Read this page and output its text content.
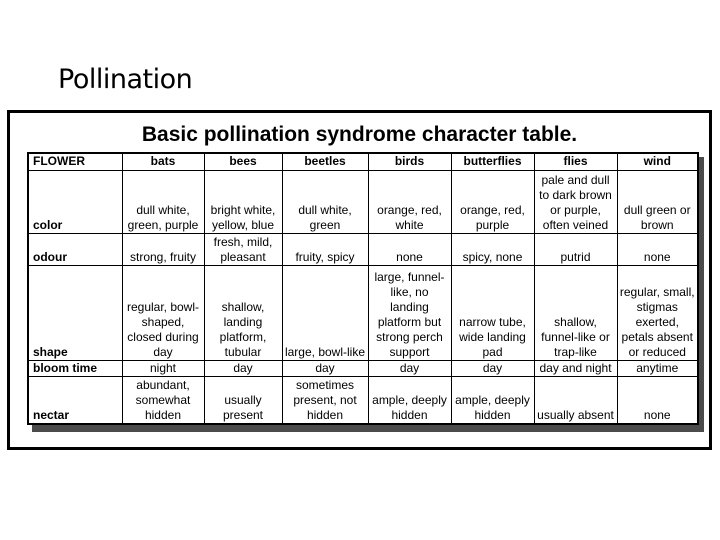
Pollination
Basic pollination syndrome character table.
FLOWER	bats	bees	beetles	birds	butterflies	flies	wind
color	dull white, green, purple	bright white, yellow, blue	dull white, green	orange, red, white	orange, red, purple	pale and dull to dark brown or purple, often veined	dull green or brown
odour	strong, fruity	fresh, mild, pleasant	fruity, spicy	none	spicy, none	putrid	none
shape	regular, bowl-shaped, closed during day	shallow, landing platform, tubular	large, bowl-like	large, funnel-like, no landing platform but strong perch support	narrow tube, wide landing pad	shallow, funnel-like or trap-like	regular, small, stigmas exerted, petals absent or reduced
bloom time	night	day	day	day	day	day and night	anytime
nectar	abundant, somewhat hidden	usually present	sometimes present, not hidden	ample, deeply hidden	ample, deeply hidden	usually absent	none
